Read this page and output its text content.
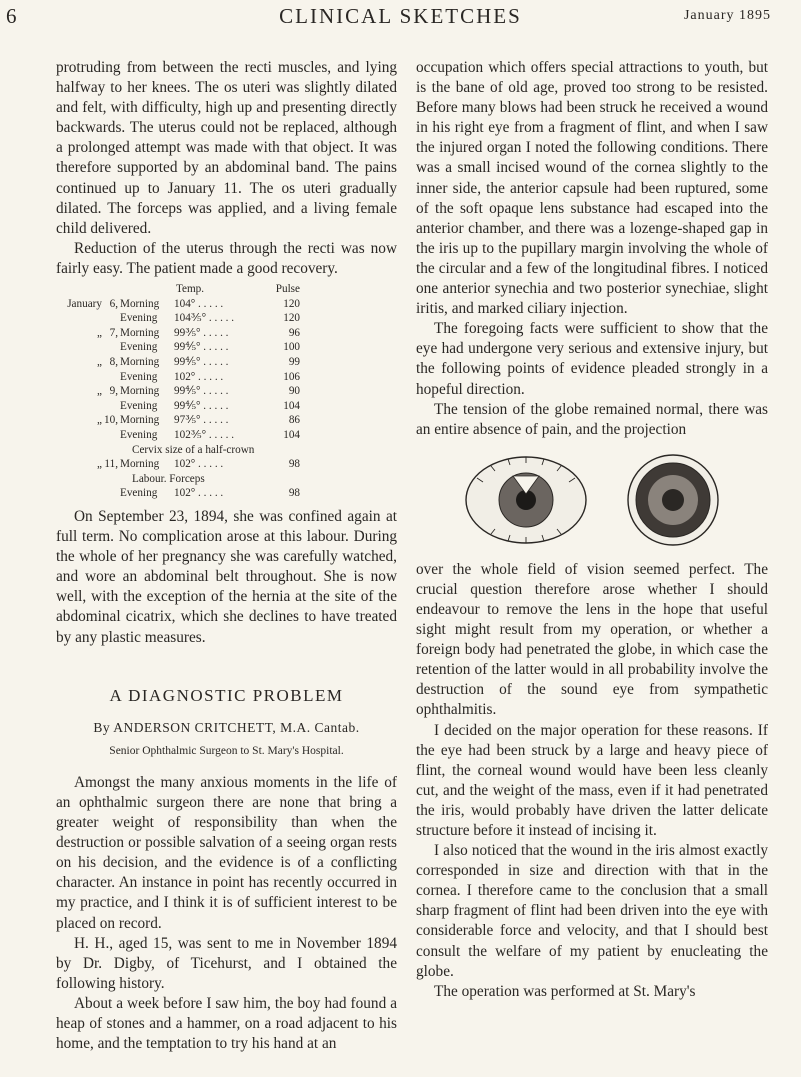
6	CLINICAL SKETCHES	January 1895

protruding from between the recti muscles, and lying halfway to her knees. The os uteri was slightly dilated and felt, with difficulty, high up and presenting directly backwards. The uterus could not be replaced, although a prolonged attempt was made with that object. It was therefore supported by an abdominal band. The pains continued up to January 11. The os uteri gradually dilated. The forceps was applied, and a living female child delivered.

Reduction of the uterus through the recti was now fairly easy. The patient made a good recovery.

		Temp.		Pulse
January	6,	Morning	104° . . . . .	120
		Evening	104⅗° . . . . .	120
„	7,	Morning	99⅗° . . . . .	96
		Evening	99⅘° . . . . .	100
„	8,	Morning	99⅘° . . . . .	99
		Evening	102° . . . . .	106
„	9,	Morning	99⅘° . . . . .	90
		Evening	99⅘° . . . . .	104
„	10,	Morning	97⅗° . . . . .	86
		Evening	102⅗° . . . . .	104
		Cervix size of a half-crown		
„	11,	Morning	102° . . . . .	98
		Labour. Forceps		
		Evening	102° . . . . .	98

On September 23, 1894, she was confined again at full term. No complication arose at this labour. During the whole of her pregnancy she was carefully watched, and wore an abdominal belt throughout. She is now well, with the exception of the hernia at the site of the abdominal cicatrix, which she declines to have treated by any plastic measures.

A DIAGNOSTIC PROBLEM
By ANDERSON CRITCHETT, M.A. Cantab.
Senior Ophthalmic Surgeon to St. Mary's Hospital.

Amongst the many anxious moments in the life of an ophthalmic surgeon there are none that bring a greater weight of responsibility than when the destruction or possible salvation of a seeing organ rests on his decision, and the evidence is of a conflicting character. An instance in point has recently occurred in my practice, and I think it is of sufficient interest to be placed on record.

H. H., aged 15, was sent to me in November 1894 by Dr. Digby, of Ticehurst, and I obtained the following history.

About a week before I saw him, the boy had found a heap of stones and a hammer, on a road adjacent to his home, and the temptation to try his hand at an

occupation which offers special attractions to youth, but is the bane of old age, proved too strong to be resisted. Before many blows had been struck he received a wound in his right eye from a fragment of flint, and when I saw the injured organ I noted the following conditions. There was a small incised wound of the cornea slightly to the inner side, the anterior capsule had been ruptured, some of the soft opaque lens substance had escaped into the anterior chamber, and there was a lozenge-shaped gap in the iris up to the pupillary margin involving the whole of the circular and a few of the longitudinal fibres. I noticed one anterior synechia and two posterior synechiae, slight iritis, and marked ciliary injection.

The foregoing facts were sufficient to show that the eye had undergone very serious and extensive injury, but the following points of evidence pleaded strongly in a hopeful direction.

The tension of the globe remained normal, there was an entire absence of pain, and the projection

over the whole field of vision seemed perfect. The crucial question therefore arose whether I should endeavour to remove the lens in the hope that useful sight might result from my operation, or whether a foreign body had penetrated the globe, in which case the retention of the latter would in all probability involve the destruction of the sound eye from sympathetic ophthalmitis.

I decided on the major operation for these reasons. If the eye had been struck by a large and heavy piece of flint, the corneal wound would have been less cleanly cut, and the weight of the mass, even if it had penetrated the iris, would probably have driven the latter delicate structure before it instead of incising it.

I also noticed that the wound in the iris almost exactly corresponded in size and direction with that in the cornea. I therefore came to the conclusion that a small sharp fragment of flint had been driven into the eye with considerable force and velocity, and that I should best consult the welfare of my patient by enucleating the globe.

The operation was performed at St. Mary's
